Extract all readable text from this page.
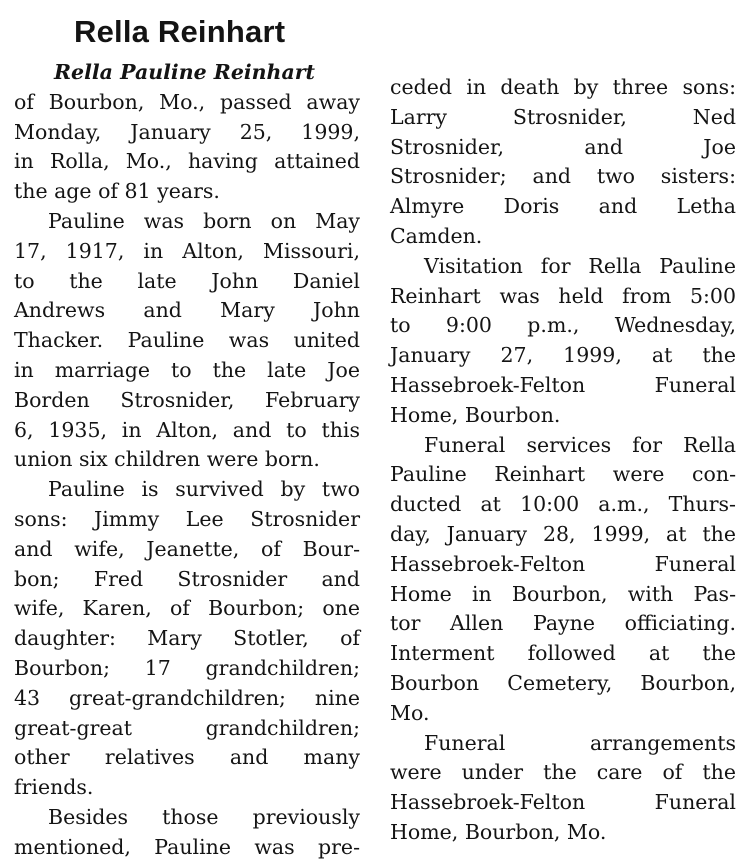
Rella Reinhart

Rella Pauline Reinhart

of Bourbon, Mo., passed away

Monday, January 25, 1999,

in Rolla, Mo., having attained

the age of 81 years.

Pauline was born on May

17, 1917, in Alton, Missouri,

to the late John Daniel

Andrews and Mary John

Thacker. Pauline was united

in marriage to the late Joe

Borden Strosnider, February

6, 1935, in Alton, and to this

union six children were born.

Pauline is survived by two

sons: Jimmy Lee Strosnider

and wife, Jeanette, of Bour-

bon; Fred Strosnider and

wife, Karen, of Bourbon; one

daughter: Mary Stotler, of

Bourbon; 17 grandchildren;

43 great-grandchildren; nine

great-great grandchildren;

other relatives and many

friends.

Besides those previously

mentioned, Pauline was pre-

ceded in death by three sons:

Larry Strosnider, Ned

Strosnider, and Joe

Strosnider; and two sisters:

Almyre Doris and Letha

Camden.

Visitation for Rella Pauline

Reinhart was held from 5:00

to 9:00 p.m., Wednesday,

January 27, 1999, at the

Hassebroek-Felton Funeral

Home, Bourbon.

Funeral services for Rella

Pauline Reinhart were con-

ducted at 10:00 a.m., Thurs-

day, January 28, 1999, at the

Hassebroek-Felton Funeral

Home in Bourbon, with Pas-

tor Allen Payne officiating.

Interment followed at the

Bourbon Cemetery, Bourbon,

Mo.

Funeral arrangements

were under the care of the

Hassebroek-Felton Funeral

Home, Bourbon, Mo.
